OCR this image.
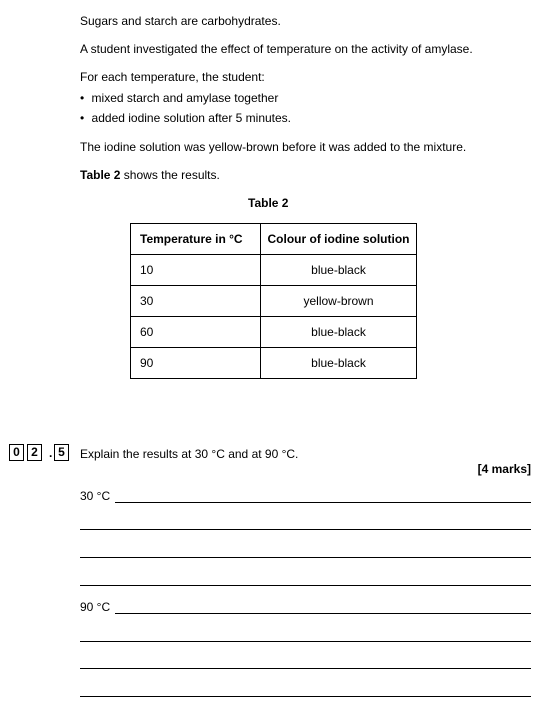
Sugars and starch are carbohydrates.
A student investigated the effect of temperature on the activity of amylase.
For each temperature, the student:
• mixed starch and amylase together
• added iodine solution after 5 minutes.
The iodine solution was yellow-brown before it was added to the mixture.
Table 2 shows the results.
Table 2
Temperature in °C	Colour of iodine solution
10	blue-black
30	yellow-brown
60	blue-black
90	blue-black
0 2 . 5	Explain the results at 30 °C and at 90 °C.
[4 marks]
30 °C
90 °C
